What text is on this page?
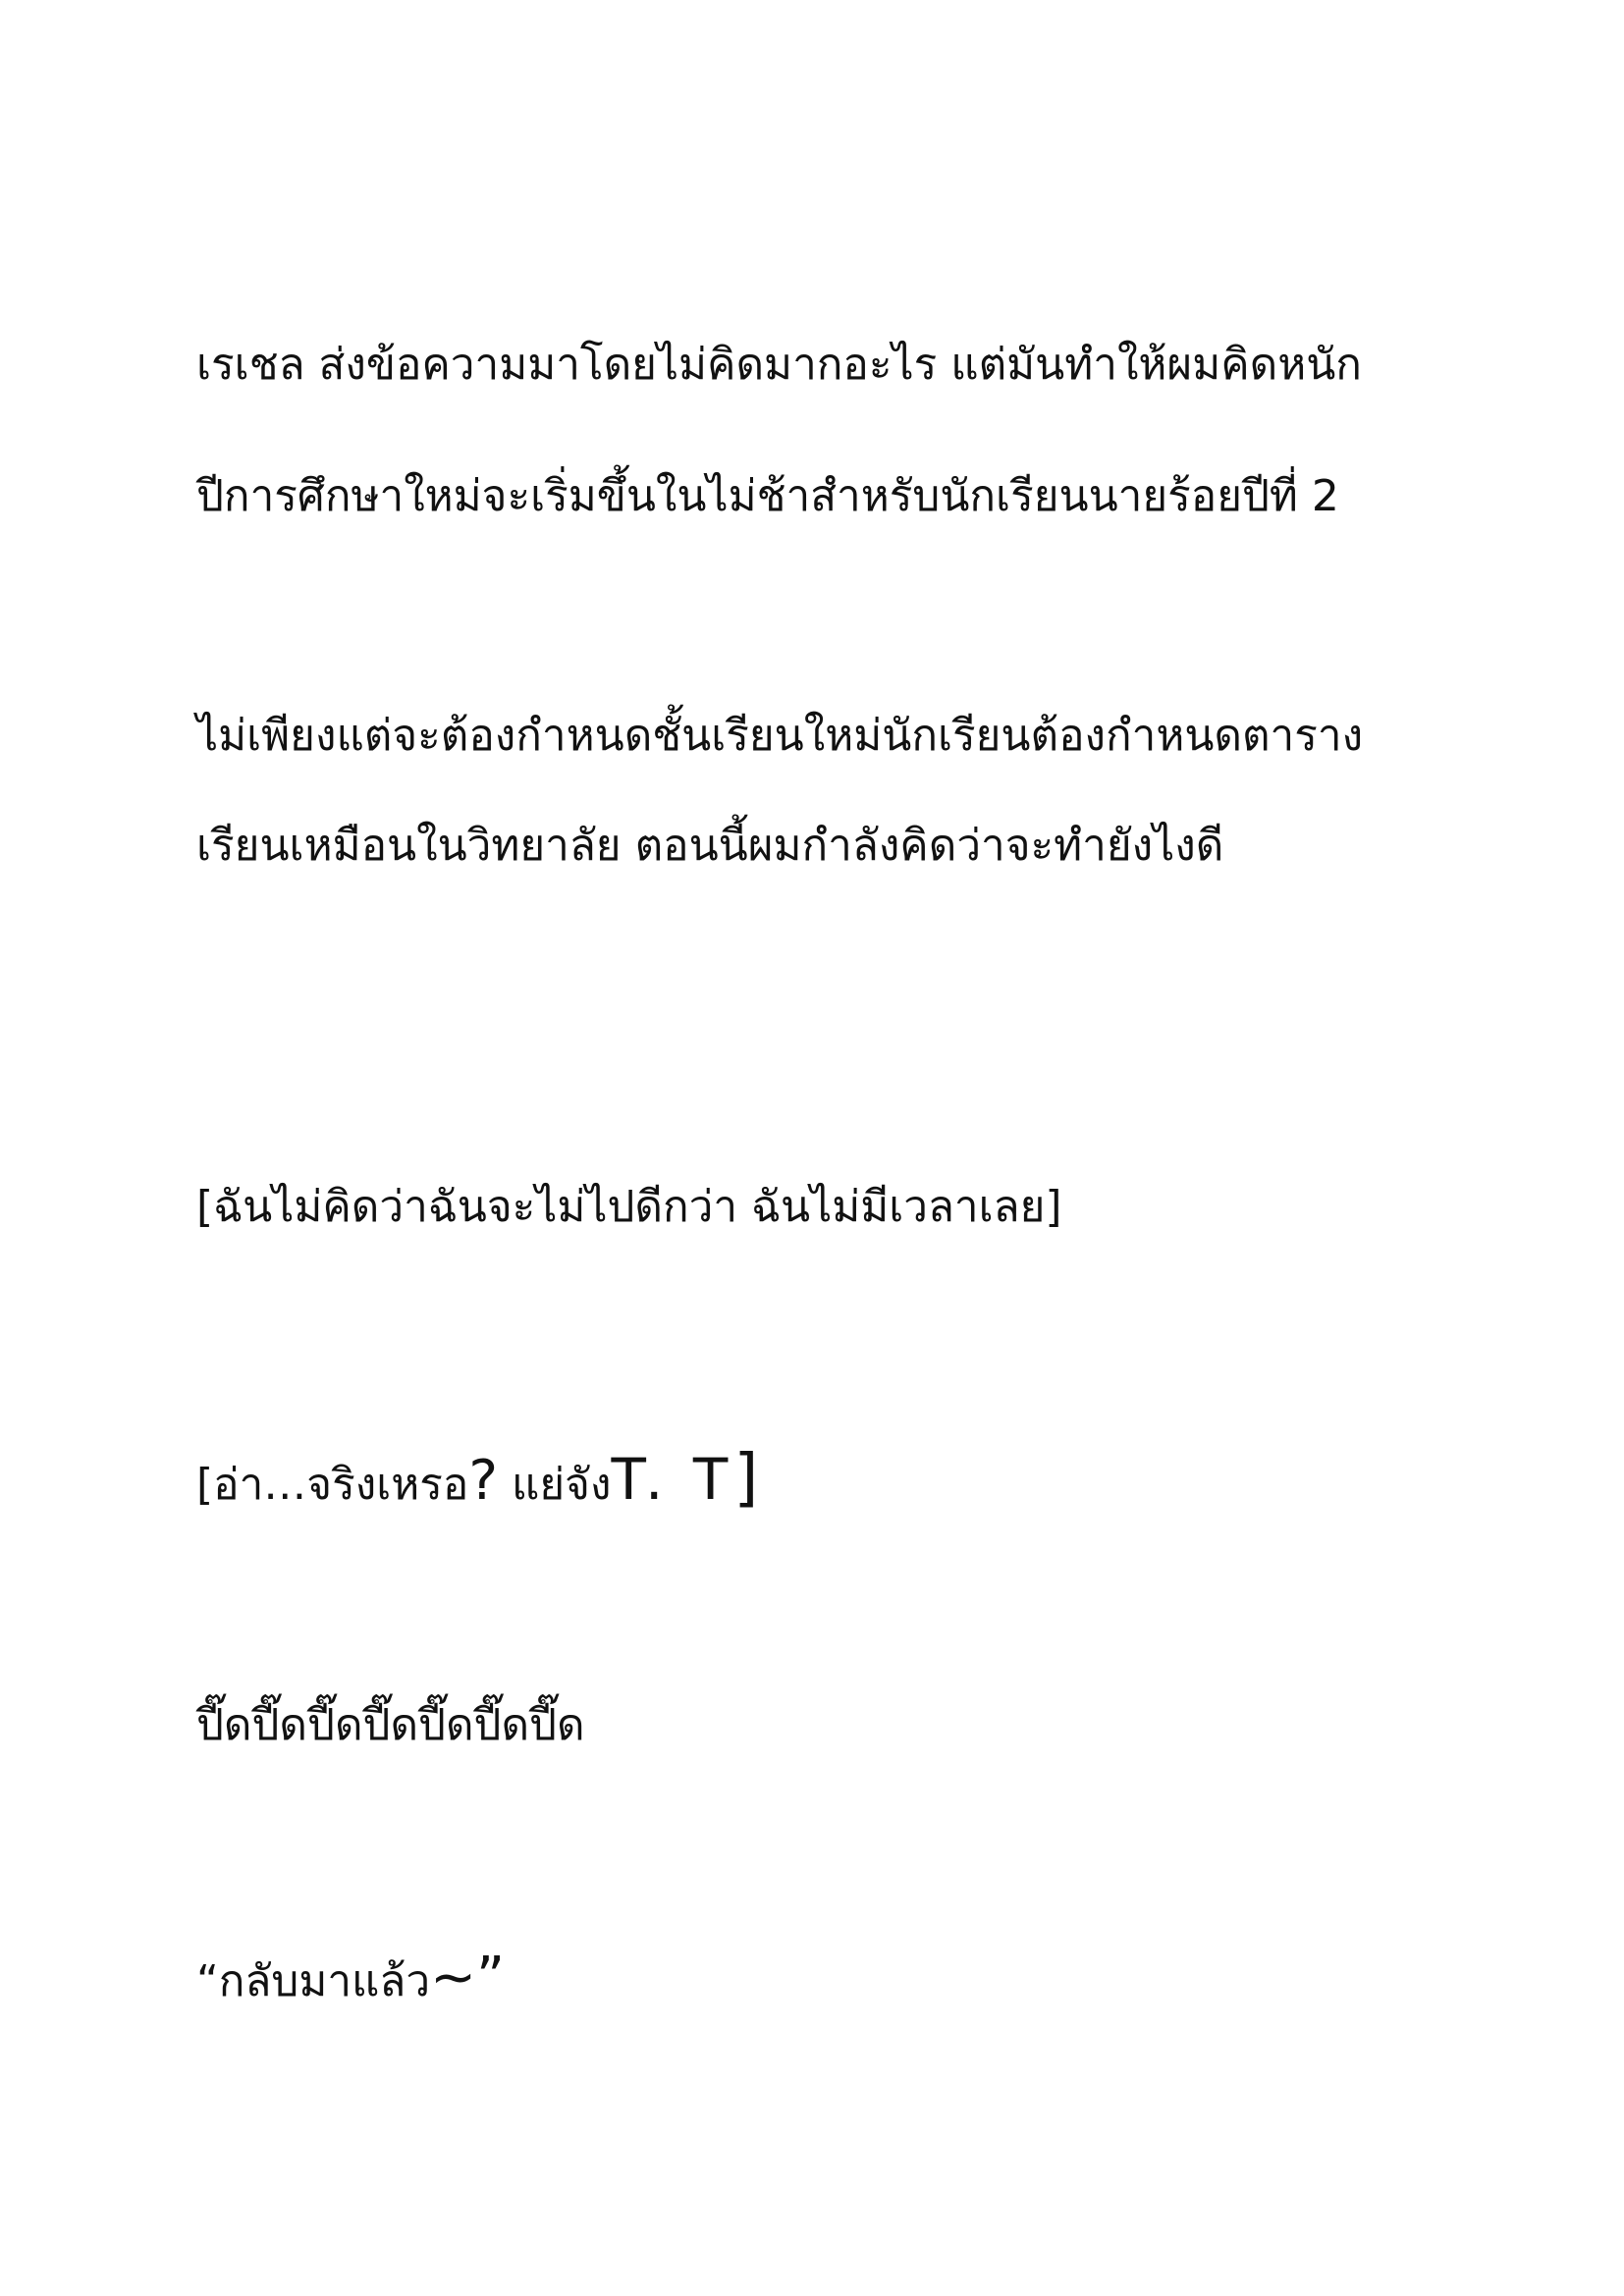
เรเชล ส่งข้อความมาโดยไม่คิดมากอะไร แต่มันทำให้ผมคิดหนัก
ปีการศึกษาใหม่จะเริ่มขึ้นในไม่ช้าสำหรับนักเรียนนายร้อยปีที่ 2
ไม่เพียงแต่จะต้องกำหนดชั้นเรียนใหม่นักเรียนต้องกำหนดตาราง
เรียนเหมือนในวิทยาลัย ตอนนี้ผมกำลังคิดว่าจะทำยังไงดี
[ฉันไม่คิดว่าฉันจะไม่ไปดีกว่า ฉันไม่มีเวลาเลย]
[อ่า…จริงเหรอ? แย่จังT. T]
ปี๊ดปี๊ดปี๊ดปี๊ดปี๊ดปี๊ดปี๊ด
“กลับมาแล้ว~”
